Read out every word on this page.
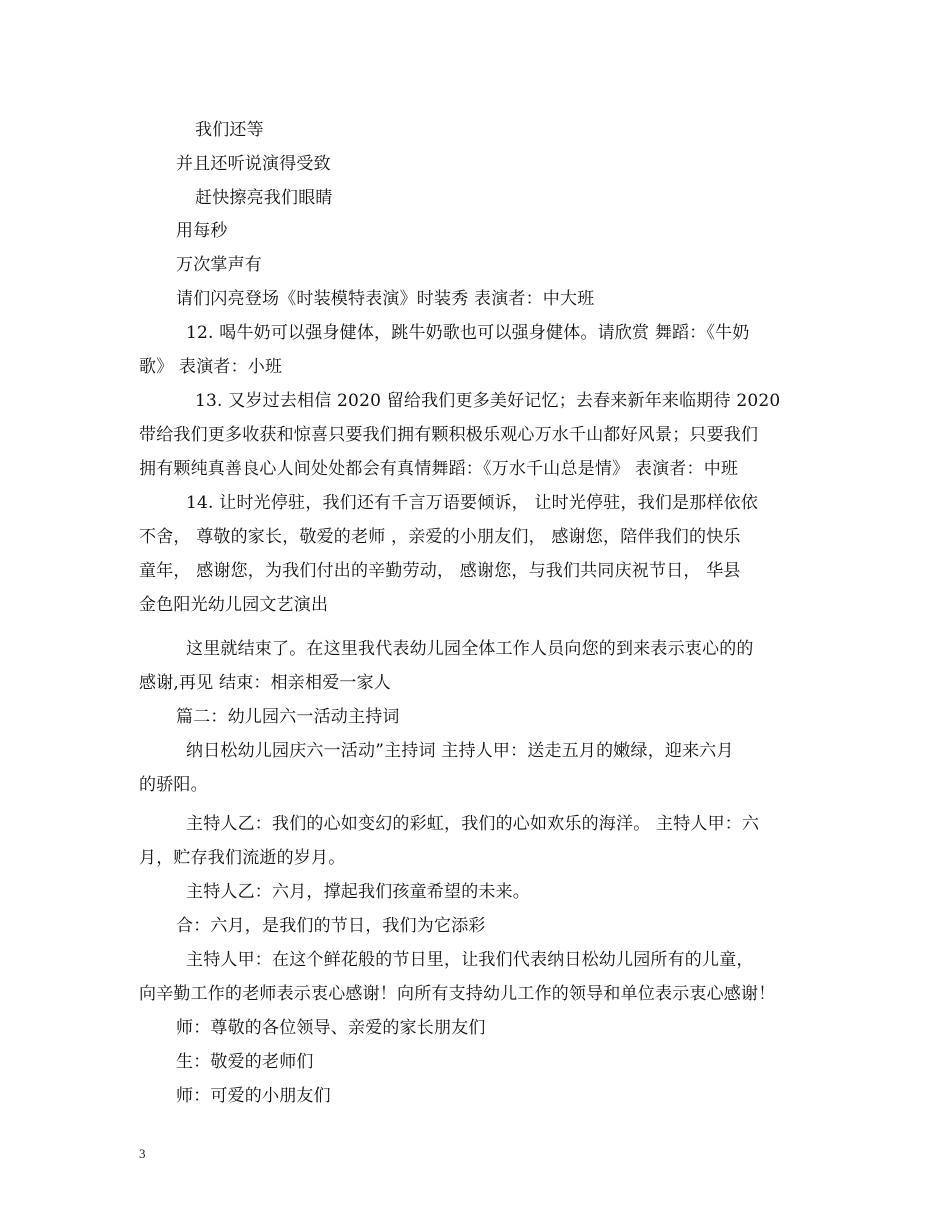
我们还等
并且还听说演得受致
赶快擦亮我们眼睛
用每秒
万次掌声有
请们闪亮登场《时装模特表演》时装秀 表演者：中大班
12. 喝牛奶可以强身健体，跳牛奶歌也可以强身健体。请欣赏 舞蹈：《牛奶
歌》 表演者：小班
13. 又岁过去相信 2020 留给我们更多美好记忆；去春来新年来临期待 2020
带给我们更多收获和惊喜只要我们拥有颗积极乐观心万水千山都好风景；只要我们
拥有颗纯真善良心人间处处都会有真情舞蹈：《万水千山总是情》 表演者：中班
14. 让时光停驻，我们还有千言万语要倾诉， 让时光停驻，我们是那样依依
不舍， 尊敬的家长，敬爱的老师 ，亲爱的小朋友们， 感谢您，陪伴我们的快乐
童年， 感谢您，为我们付出的辛勤劳动， 感谢您，与我们共同庆祝节日， 华县
金色阳光幼儿园文艺演出
这里就结束了。在这里我代表幼儿园全体工作人员向您的到来表示衷心的的
感谢,再见 结束：相亲相爱一家人
篇二：幼儿园六一活动主持词
纳日松幼儿园庆六一活动”主持词 主持人甲：送走五月的嫩绿，迎来六月
的骄阳。
主特人乙：我们的心如变幻的彩虹，我们的心如欢乐的海洋。 主特人甲：六
月，贮存我们流逝的岁月。
主特人乙：六月，撑起我们孩童希望的未来。
合：六月，是我们的节日，我们为它添彩
主特人甲：在这个鲜花般的节日里，让我们代表纳日松幼儿园所有的儿童，
向辛勤工作的老师表示衷心感谢！向所有支持幼儿工作的领导和单位表示衷心感谢！
师：尊敬的各位领导、亲爱的家长朋友们
生：敬爱的老师们
师：可爱的小朋友们
3
